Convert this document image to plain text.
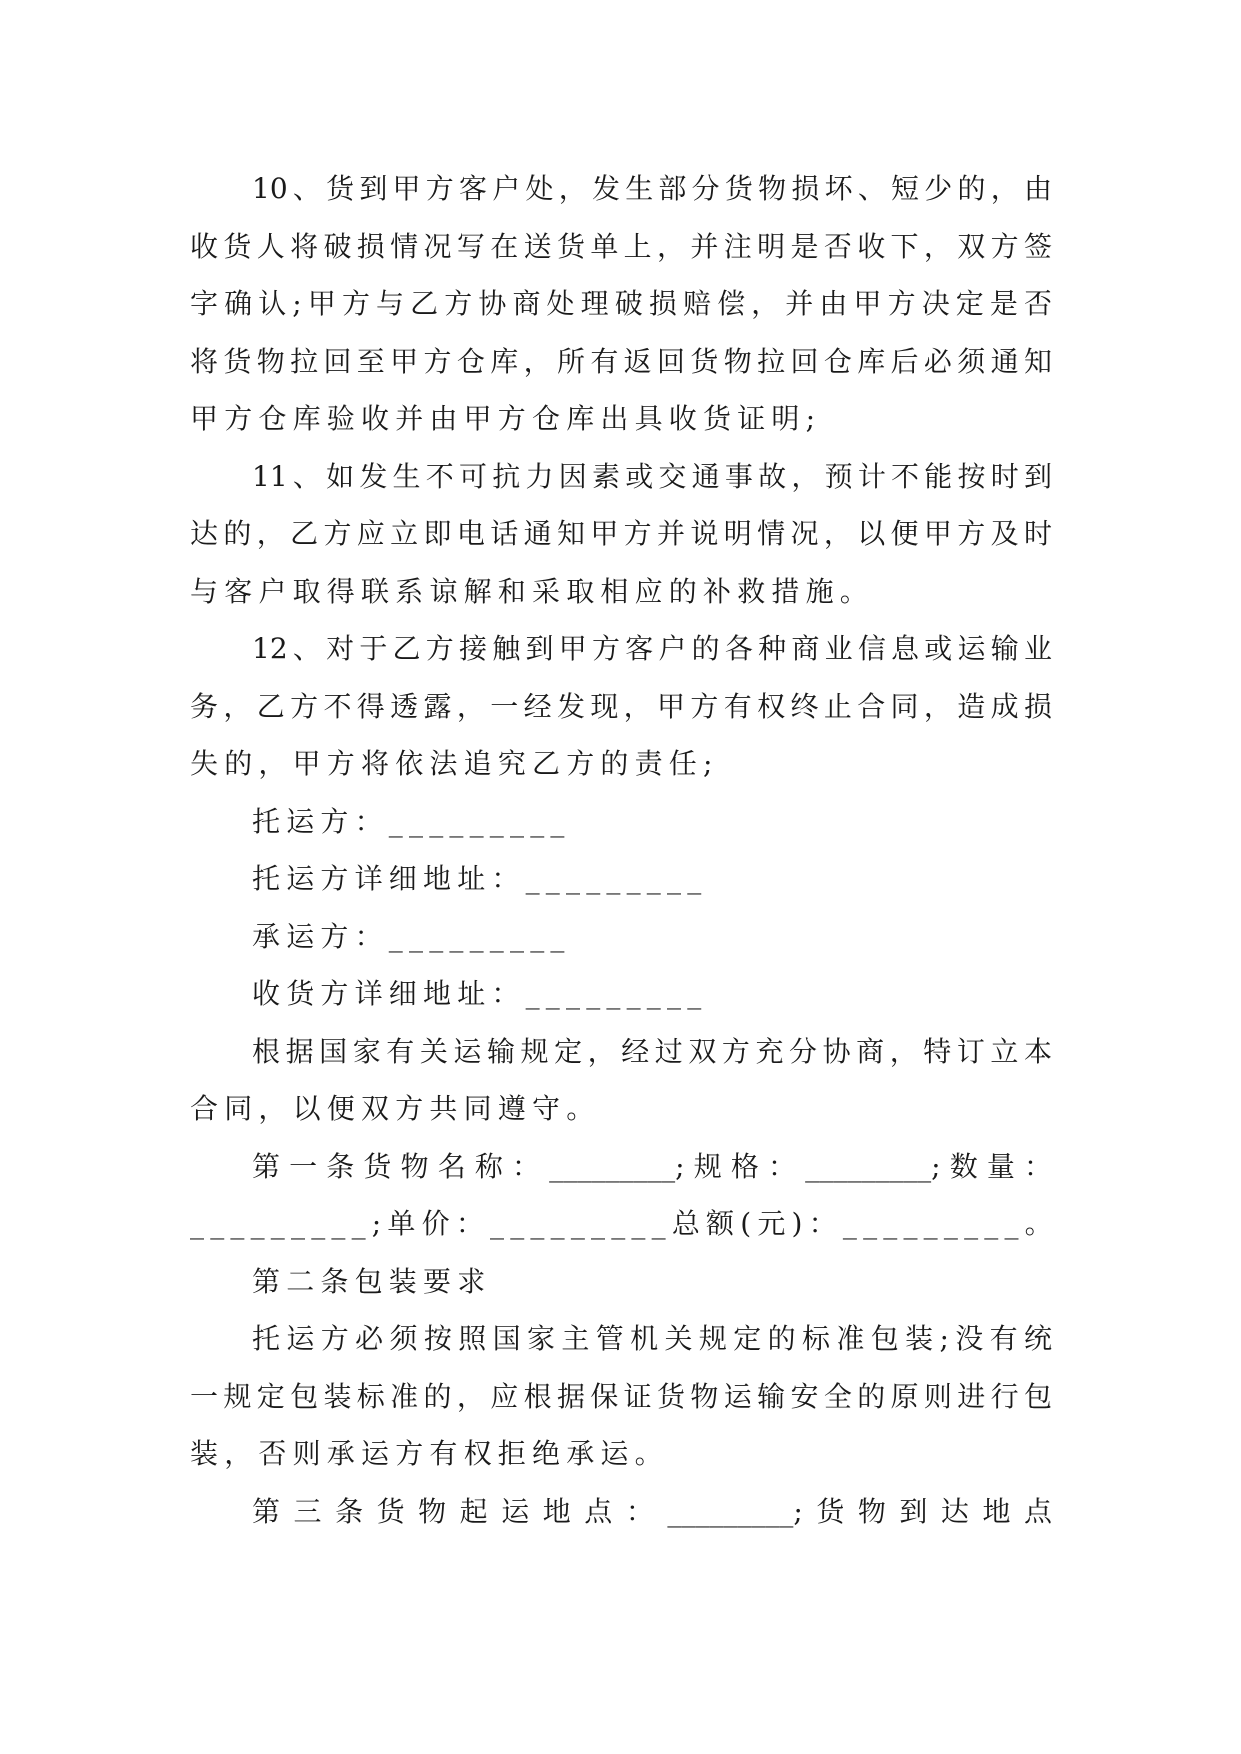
10、货到甲方客户处，发生部分货物损坏、短少的，由
收货人将破损情况写在送货单上，并注明是否收下，双方签
字确认;甲方与乙方协商处理破损赔偿，并由甲方决定是否
将货物拉回至甲方仓库，所有返回货物拉回仓库后必须通知
甲方仓库验收并由甲方仓库出具收货证明;
11、如发生不可抗力因素或交通事故，预计不能按时到
达的，乙方应立即电话通知甲方并说明情况，以便甲方及时
与客户取得联系谅解和采取相应的补救措施。
12、对于乙方接触到甲方客户的各种商业信息或运输业
务，乙方不得透露，一经发现，甲方有权终止合同，造成损
失的，甲方将依法追究乙方的责任;
托运方：_________
托运方详细地址：_________
承运方：_________
收货方详细地址：_________
根据国家有关运输规定，经过双方充分协商，特订立本
合同，以便双方共同遵守。
第一条货物名称：_________;规格：_________;数量：
_________;单价：_________总额(元)：_________。
第二条包装要求
托运方必须按照国家主管机关规定的标准包装;没有统
一规定包装标准的，应根据保证货物运输安全的原则进行包
装，否则承运方有权拒绝承运。
第三条货物起运地点：_________;货物到达地点
